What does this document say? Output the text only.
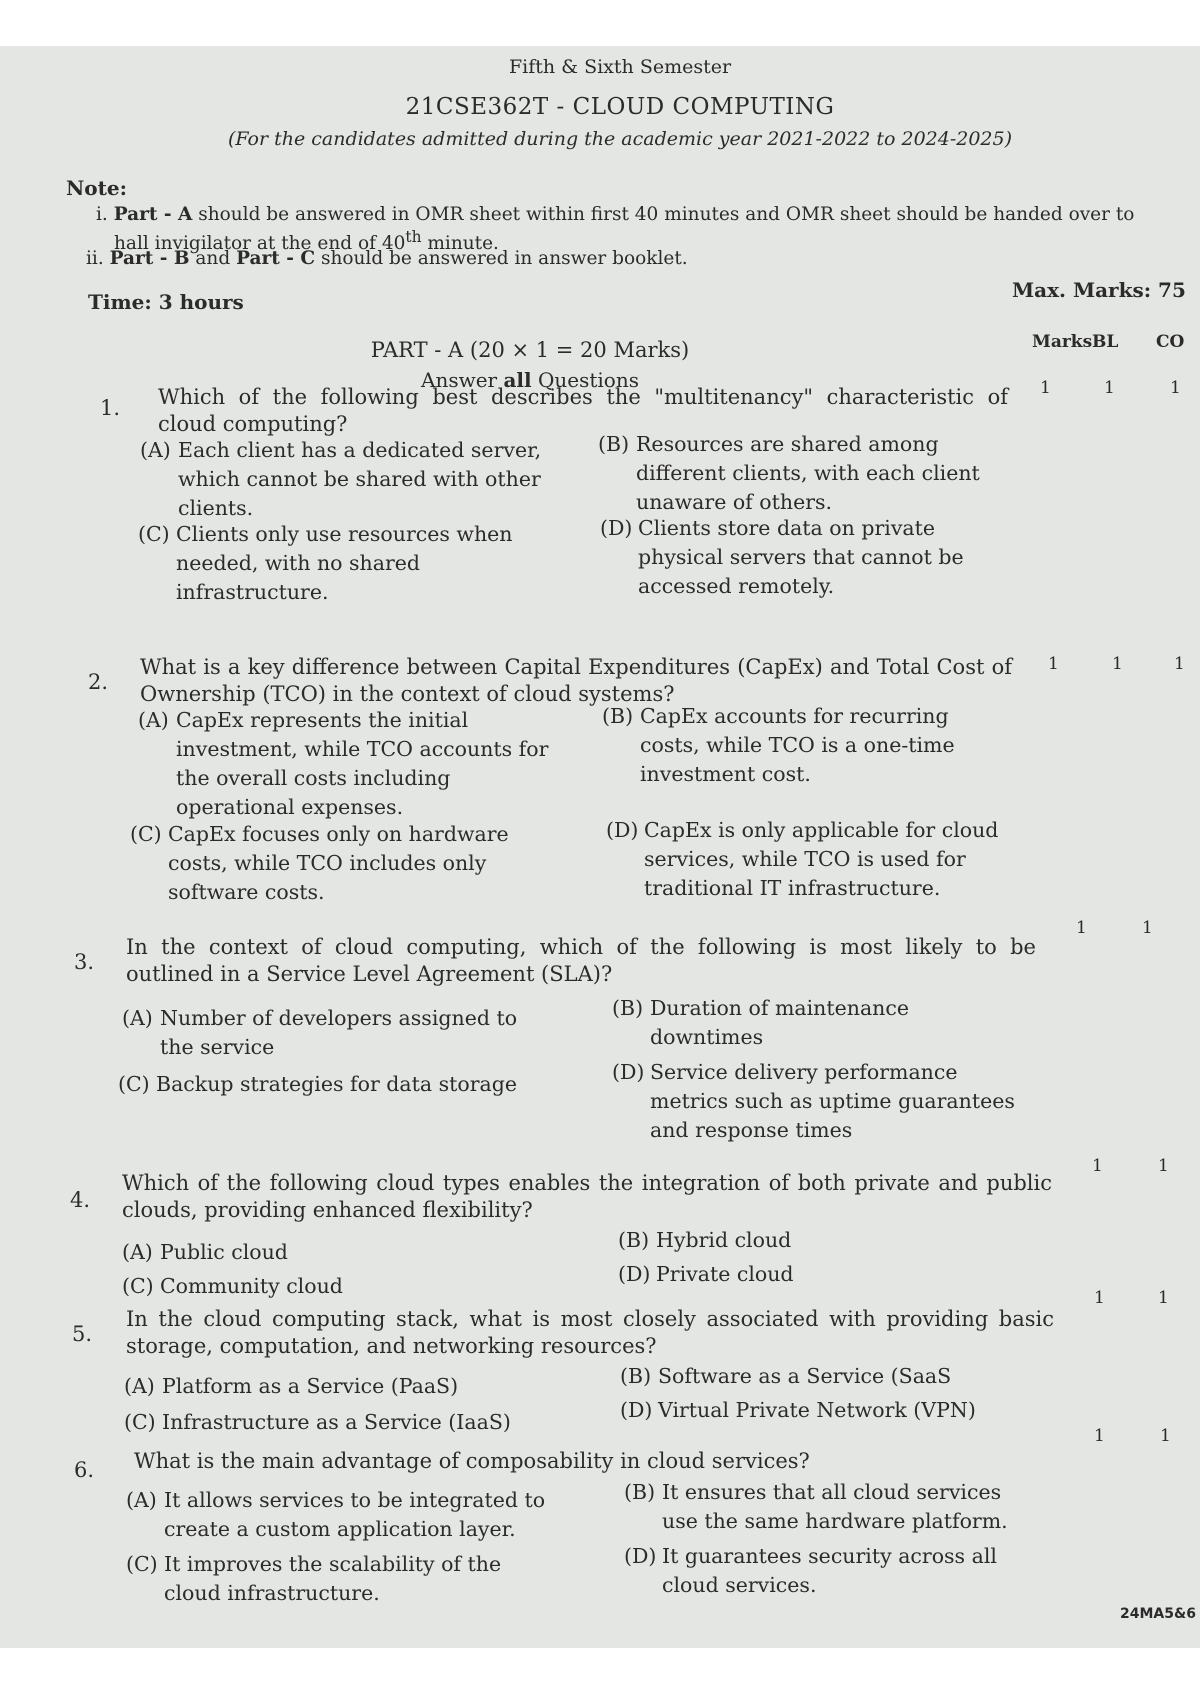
Fifth & Sixth Semester
21CSE362T - CLOUD COMPUTING
(For the candidates admitted during the academic year 2021-2022 to 2024-2025)
Note:
i. Part - A should be answered in OMR sheet within first 40 minutes and OMR sheet should be handed over to
hall invigilator at the end of 40th minute.
ii. Part - B and Part - C should be answered in answer booklet.
Time: 3 hours	Max. Marks: 75
PART - A (20 × 1 = 20 Marks)
Answer all Questions
Marks BL CO
1. Which of the following best describes the "multitenancy" characteristic of cloud computing?
(A) Each client has a dedicated server, which cannot be shared with other clients.
(B) Resources are shared among different clients, with each client unaware of others.
(C) Clients only use resources when needed, with no shared infrastructure.
(D) Clients store data on private physical servers that cannot be accessed remotely.
1	1	1
2.
What is a key difference between Capital Expenditures (CapEx) and Total Cost of Ownership (TCO) in the context of cloud systems?
(A) CapEx represents the initial investment, while TCO accounts for the overall costs including operational expenses.
(B) CapEx accounts for recurring costs, while TCO is a one-time investment cost.
(C) CapEx focuses only on hardware costs, while TCO includes only software costs.
(D) CapEx is only applicable for cloud services, while TCO is used for traditional IT infrastructure.
1	1	1
3.
In the context of cloud computing, which of the following is most likely to be outlined in a Service Level Agreement (SLA)?
(A) Number of developers assigned to the service
(B) Duration of maintenance downtimes
(C) Backup strategies for data storage	(D) Service delivery performance metrics such as uptime guarantees and response times
1	1
4.
Which of the following cloud types enables the integration of both private and public clouds, providing enhanced flexibility?
(A) Public cloud	(B) Hybrid cloud
(C) Community cloud	(D) Private cloud
1	1
5.
In the cloud computing stack, what is most closely associated with providing basic storage, computation, and networking resources?
(A) Platform as a Service (PaaS)	(B) Software as a Service (SaaS
(C) Infrastructure as a Service (IaaS)	(D) Virtual Private Network (VPN)
1	1
6. What is the main advantage of composability in cloud services?
(A) It allows services to be integrated to create a custom application layer.
(B) It ensures that all cloud services use the same hardware platform.
(C) It improves the scalability of the cloud infrastructure.
(D) It guarantees security across all cloud services.
1	1
24MA5&6
